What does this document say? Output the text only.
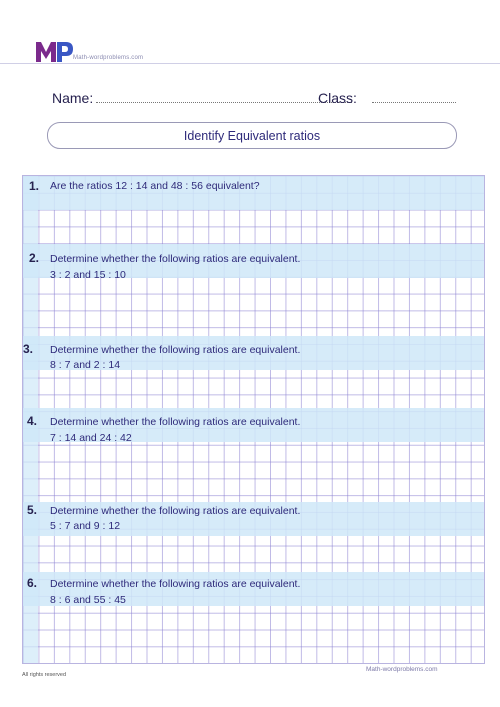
Math-wordproblems.com
Name:	Class:
Identify Equivalent ratios
1. Are the ratios 12 : 14 and 48 : 56 equivalent?
2. Determine whether the following ratios are equivalent.
3 : 2 and 15 : 10
3. Determine whether the following ratios are equivalent.
8 : 7 and 2 : 14
4. Determine whether the following ratios are equivalent.
7 : 14 and 24 : 42
5. Determine whether the following ratios are equivalent.
5 : 7 and 9 : 12
6. Determine whether the following ratios are equivalent.
8 : 6 and 55 : 45
All rights reserved
Math-wordproblems.com
